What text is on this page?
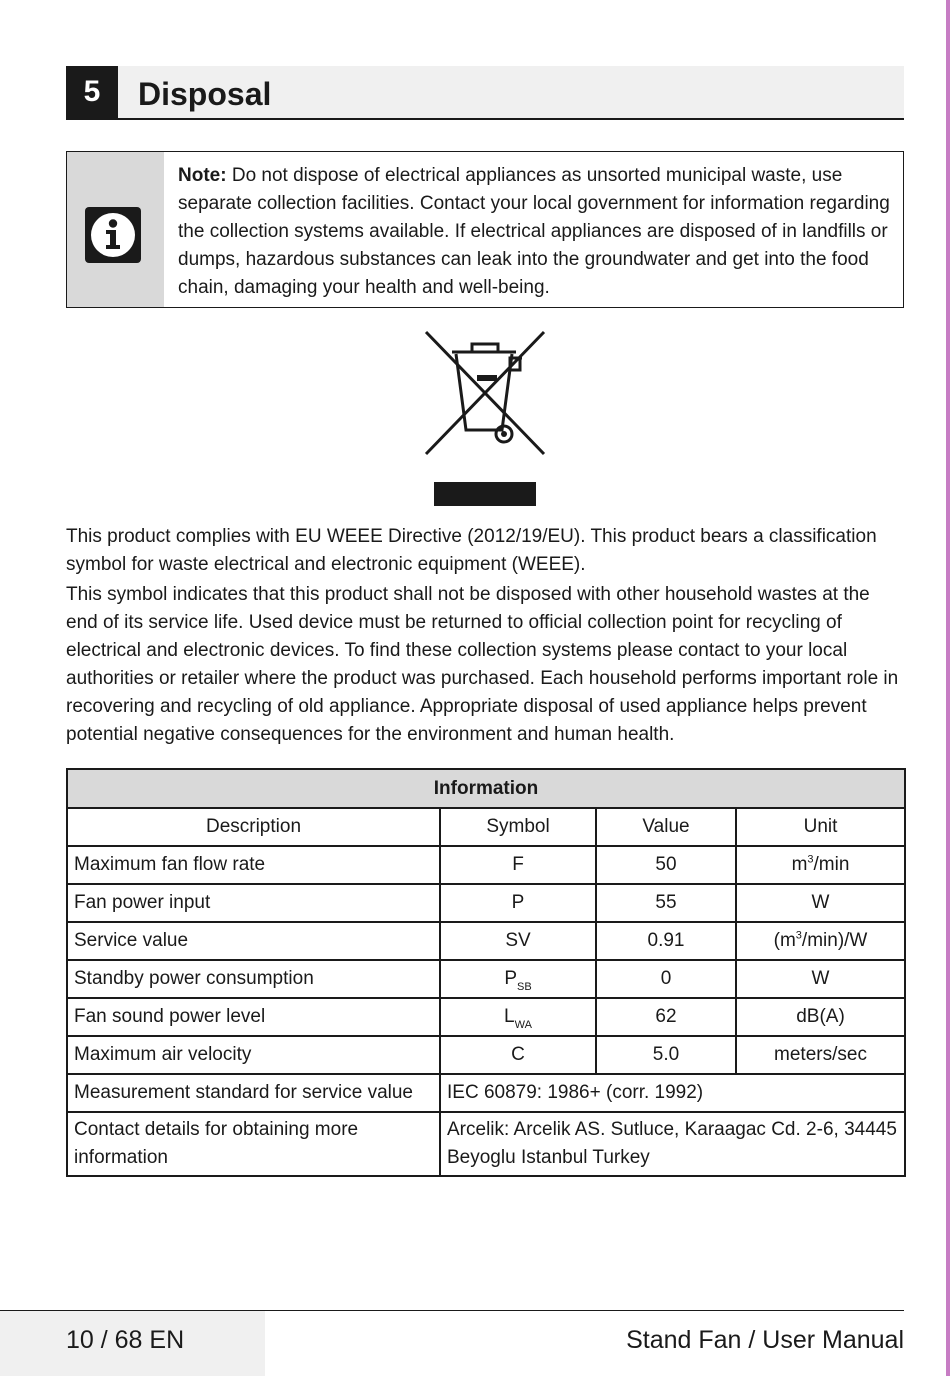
5	Disposal
Note: Do not dispose of electrical appliances as unsorted municipal waste, use separate collection facilities. Contact your local government for information regarding the collection systems available. If electrical appliances are disposed of in landfills or dumps, hazardous substances can leak into the groundwater and get into the food chain, damaging your health and well-being.
This product complies with EU WEEE Directive (2012/19/EU). This product bears a classification symbol for waste electrical and electronic equipment (WEEE).
This symbol indicates that this product shall not be disposed with other household wastes at the end of its service life. Used device must be returned to official collection point for recycling of electrical and electronic devices. To find these collection systems please contact to your local authorities or retailer where the product was purchased. Each household performs important role in recovering and recycling of old appliance. Appropriate disposal of used appliance helps prevent potential negative consequences for the environment and human health.
Information			
Description	Symbol	Value	Unit
Maximum fan flow rate	F	50	$m^3/\min$
Fan power input	P	55	W
Service value	SV	0.91	$(m^3/\min)/W$
Standby power consumption	$P_{SB}$	0	W
Fan sound power level	$L_{WA}$	62	dB(A)
Maximum air velocity	C	5.0	meters/sec
Measurement standard for service value	IEC 60879: 1986+ (corr. 1992)		
Contact details for obtaining more information	Arcelik: Arcelik AS. Sutluce, Karaagac Cd. 2-6, 34445 Beyoglu Istanbul Turkey		
10 / 68 EN	Stand Fan / User Manual
